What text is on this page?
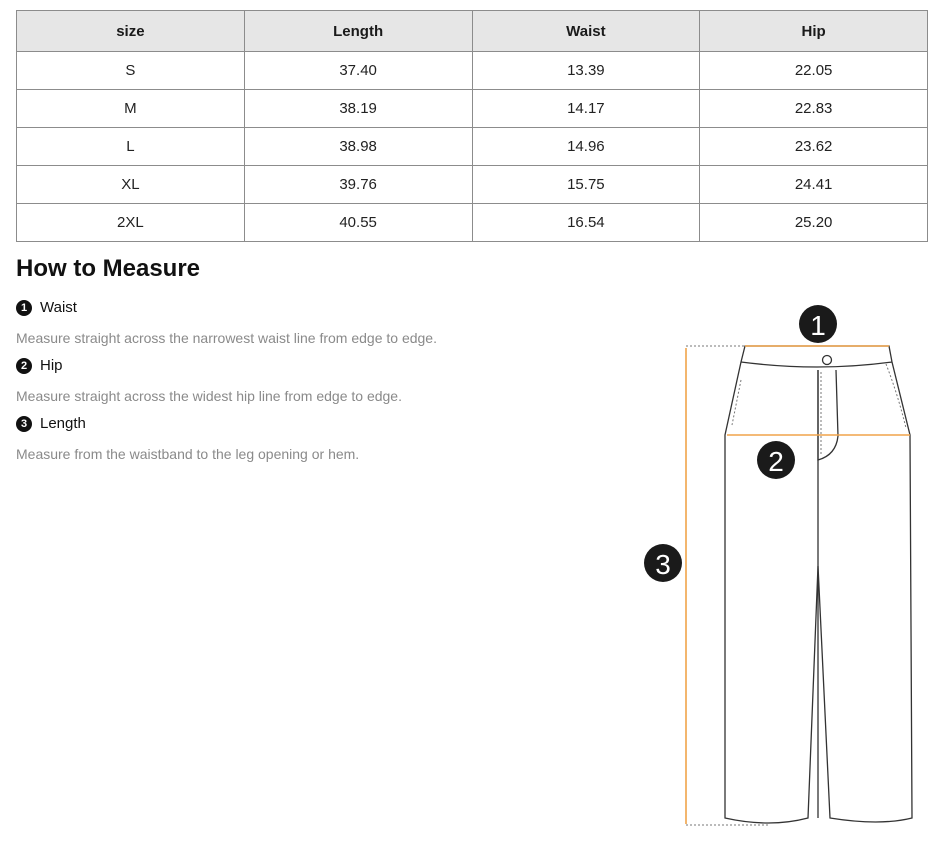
size	Length	Waist	Hip
S	37.40	13.39	22.05
M	38.19	14.17	22.83
L	38.98	14.96	23.62
XL	39.76	15.75	24.41
2XL	40.55	16.54	25.20
How to Measure
1 Waist
Measure straight across the narrowest waist line from edge to edge.
2 Hip
Measure straight across the widest hip line from edge to edge.
3 Length
Measure from the waistband to the leg opening or hem.
1
2
3
